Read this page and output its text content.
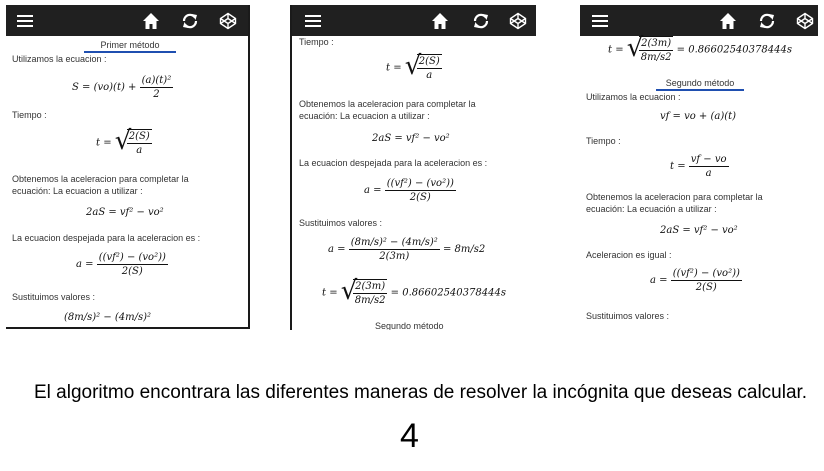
Primer método
Utilizamos la ecuacion :
$S = (vo)(t) + \frac{\text{(a)(t)²}}{2}$
Tiempo :
t = √
$\frac{2(S)}{a}$
Obtenemos la aceleracion para completar la
ecuación: La ecuacion a utilizar :
2aS = vf² − vo²
La ecuacion despejada para la aceleracion es :
$a = \frac{\text{((vf²) − (vo²))}}{2(S)}$
Sustituimos valores :
(8m/s)² − (4m/s)²
Tiempo :
t = √
$\frac{2(S)}{a}$
Obtenemos la aceleracion para completar la
ecuación: La ecuacion a utilizar :
2aS = vf² − vo²
La ecuacion despejada para la aceleracion es :
$a = \frac{\text{((vf²) − (vo²))}}{2(S)}$
Sustituimos valores :
$a = \frac{\text{(8m/s)² − (4m/s)²}}{2(3m)} = 8m/s2$
t = √
$\frac{2(3m)}{8m/s2} = 0.86602540378444s$
Segundo método
t = √
$\frac{2(3m)}{8m/s2} = 0.86602540378444s$
Segundo método
Utilizamos la ecuacion :
vf = vo + (a)(t)
Tiempo :
$t = \frac{vf - vo}{a}$
Obtenemos la aceleracion para completar la
ecuación: La ecuación a utilizar :
2aS = vf² − vo²
Aceleracion es igual :
$a = \frac{\text{((vf²) − (vo²))}}{2(S)}$
Sustituimos valores :
El algoritmo encontrara las diferentes maneras de resolver la incógnita que deseas calcular.
4
